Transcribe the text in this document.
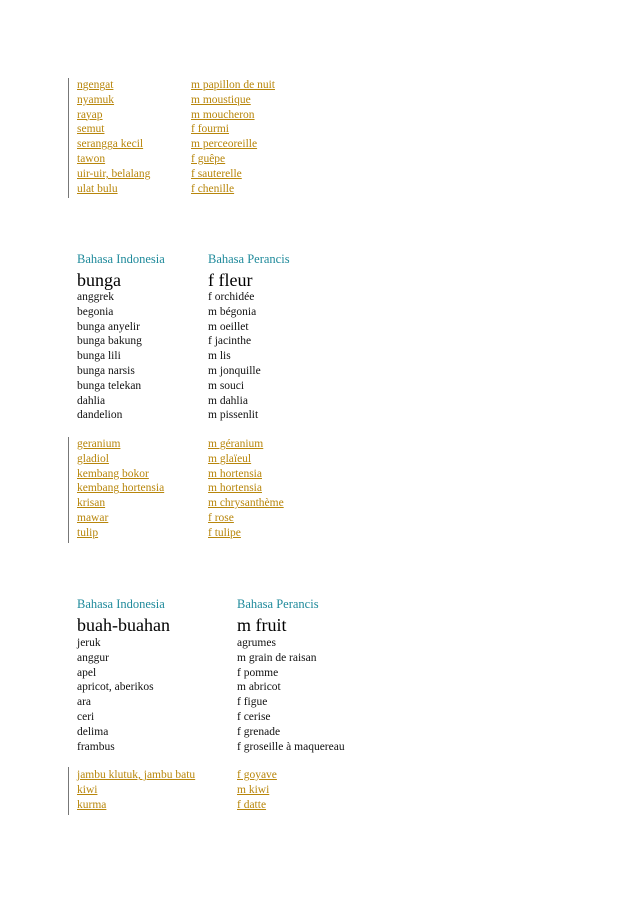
ngengat	m papillon de nuit
nyamuk	m moustique
rayap	m moucheron
semut	f fourmi
serangga kecil	m perceoreille
tawon	f guêpe
uir-uir, belalang	f sauterelle
ulat bulu	f chenille
Bahasa Indonesia	Bahasa Perancis
bunga	f fleur
anggrek	f orchidée
begonia	m bégonia
bunga anyelir	m oeillet
bunga bakung	f jacinthe
bunga lili	m lis
bunga narsis	m jonquille
bunga telekan	m souci
dahlia	m dahlia
dandelion	m pissenlit
geranium	m géranium
gladiol	m glaïeul
kembang bokor	m hortensia
kembang hortensia	m hortensia
krisan	m chrysanthème
mawar	f rose
tulip	f tulipe
Bahasa Indonesia	Bahasa Perancis
buah-buahan	m fruit
jeruk	agrumes
anggur	m grain de raisan
apel	f pomme
apricot, aberikos	m abricot
ara	f figue
ceri	f cerise
delima	f grenade
frambus	f groseille à maquereau
jambu klutuk, jambu batu	f goyave
kiwi	m kiwi
kurma	f datte
